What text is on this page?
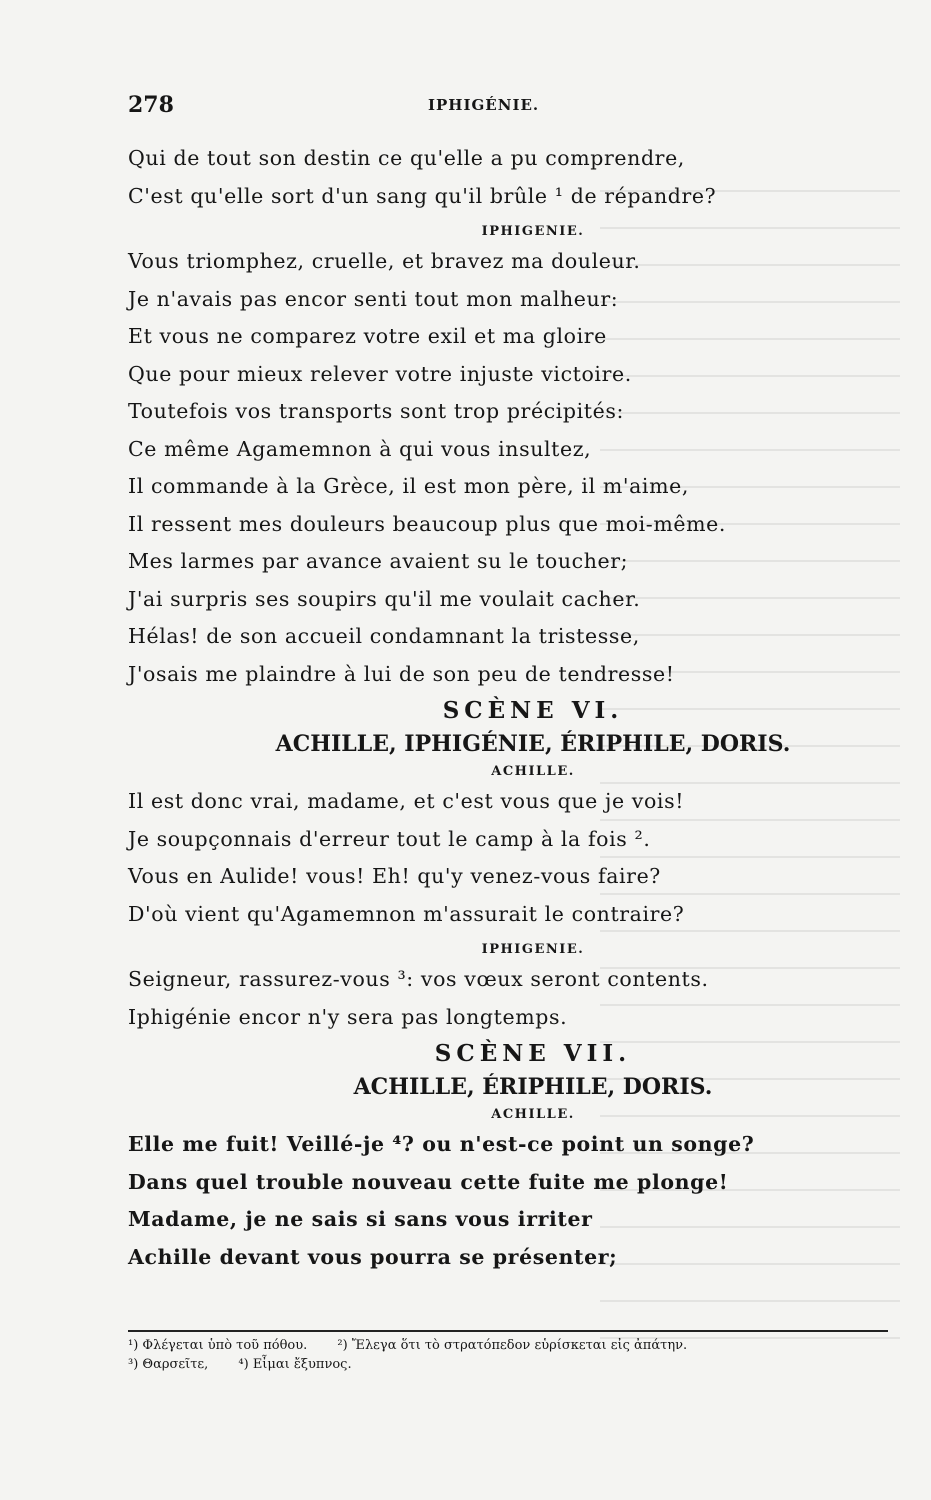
278	IPHIGÉNIE.
Qui de tout son destin ce qu'elle a pu comprendre,
C'est qu'elle sort d'un sang qu'il brûle ¹ de répandre?
IPHIGENIE.
Vous triomphez, cruelle, et bravez ma douleur.
Je n'avais pas encor senti tout mon malheur:
Et vous ne comparez votre exil et ma gloire
Que pour mieux relever votre injuste victoire.
Toutefois vos transports sont trop précipités:
Ce même Agamemnon à qui vous insultez,
Il commande à la Grèce, il est mon père, il m'aime,
Il ressent mes douleurs beaucoup plus que moi-même.
Mes larmes par avance avaient su le toucher;
J'ai surpris ses soupirs qu'il me voulait cacher.
Hélas! de son accueil condamnant la tristesse,
J'osais me plaindre à lui de son peu de tendresse!
SCÈNE VI.
ACHILLE, IPHIGÉNIE, ÉRIPHILE, DORIS.
ACHILLE.
Il est donc vrai, madame, et c'est vous que je vois!
Je soupçonnais d'erreur tout le camp à la fois ².
Vous en Aulide! vous! Eh! qu'y venez-vous faire?
D'où vient qu'Agamemnon m'assurait le contraire?
IPHIGENIE.
Seigneur, rassurez-vous ³: vos vœux seront contents.
Iphigénie encor n'y sera pas longtemps.
SCÈNE VII.
ACHILLE, ÉRIPHILE, DORIS.
ACHILLE.
Elle me fuit! Veillé-je ⁴? ou n'est-ce point un songe?
Dans quel trouble nouveau cette fuite me plonge!
Madame, je ne sais si sans vous irriter
Achille devant vous pourra se présenter;
¹) Φλέγεται ὑπὸ τοῦ πόθου. ²) Ἔλεγα ὅτι τὸ στρατόπεδον εὑρίσκεται εἰς ἀπάτην.
³) Θαρσεῖτε, ⁴) Εἶμαι ἔξυπνος.
